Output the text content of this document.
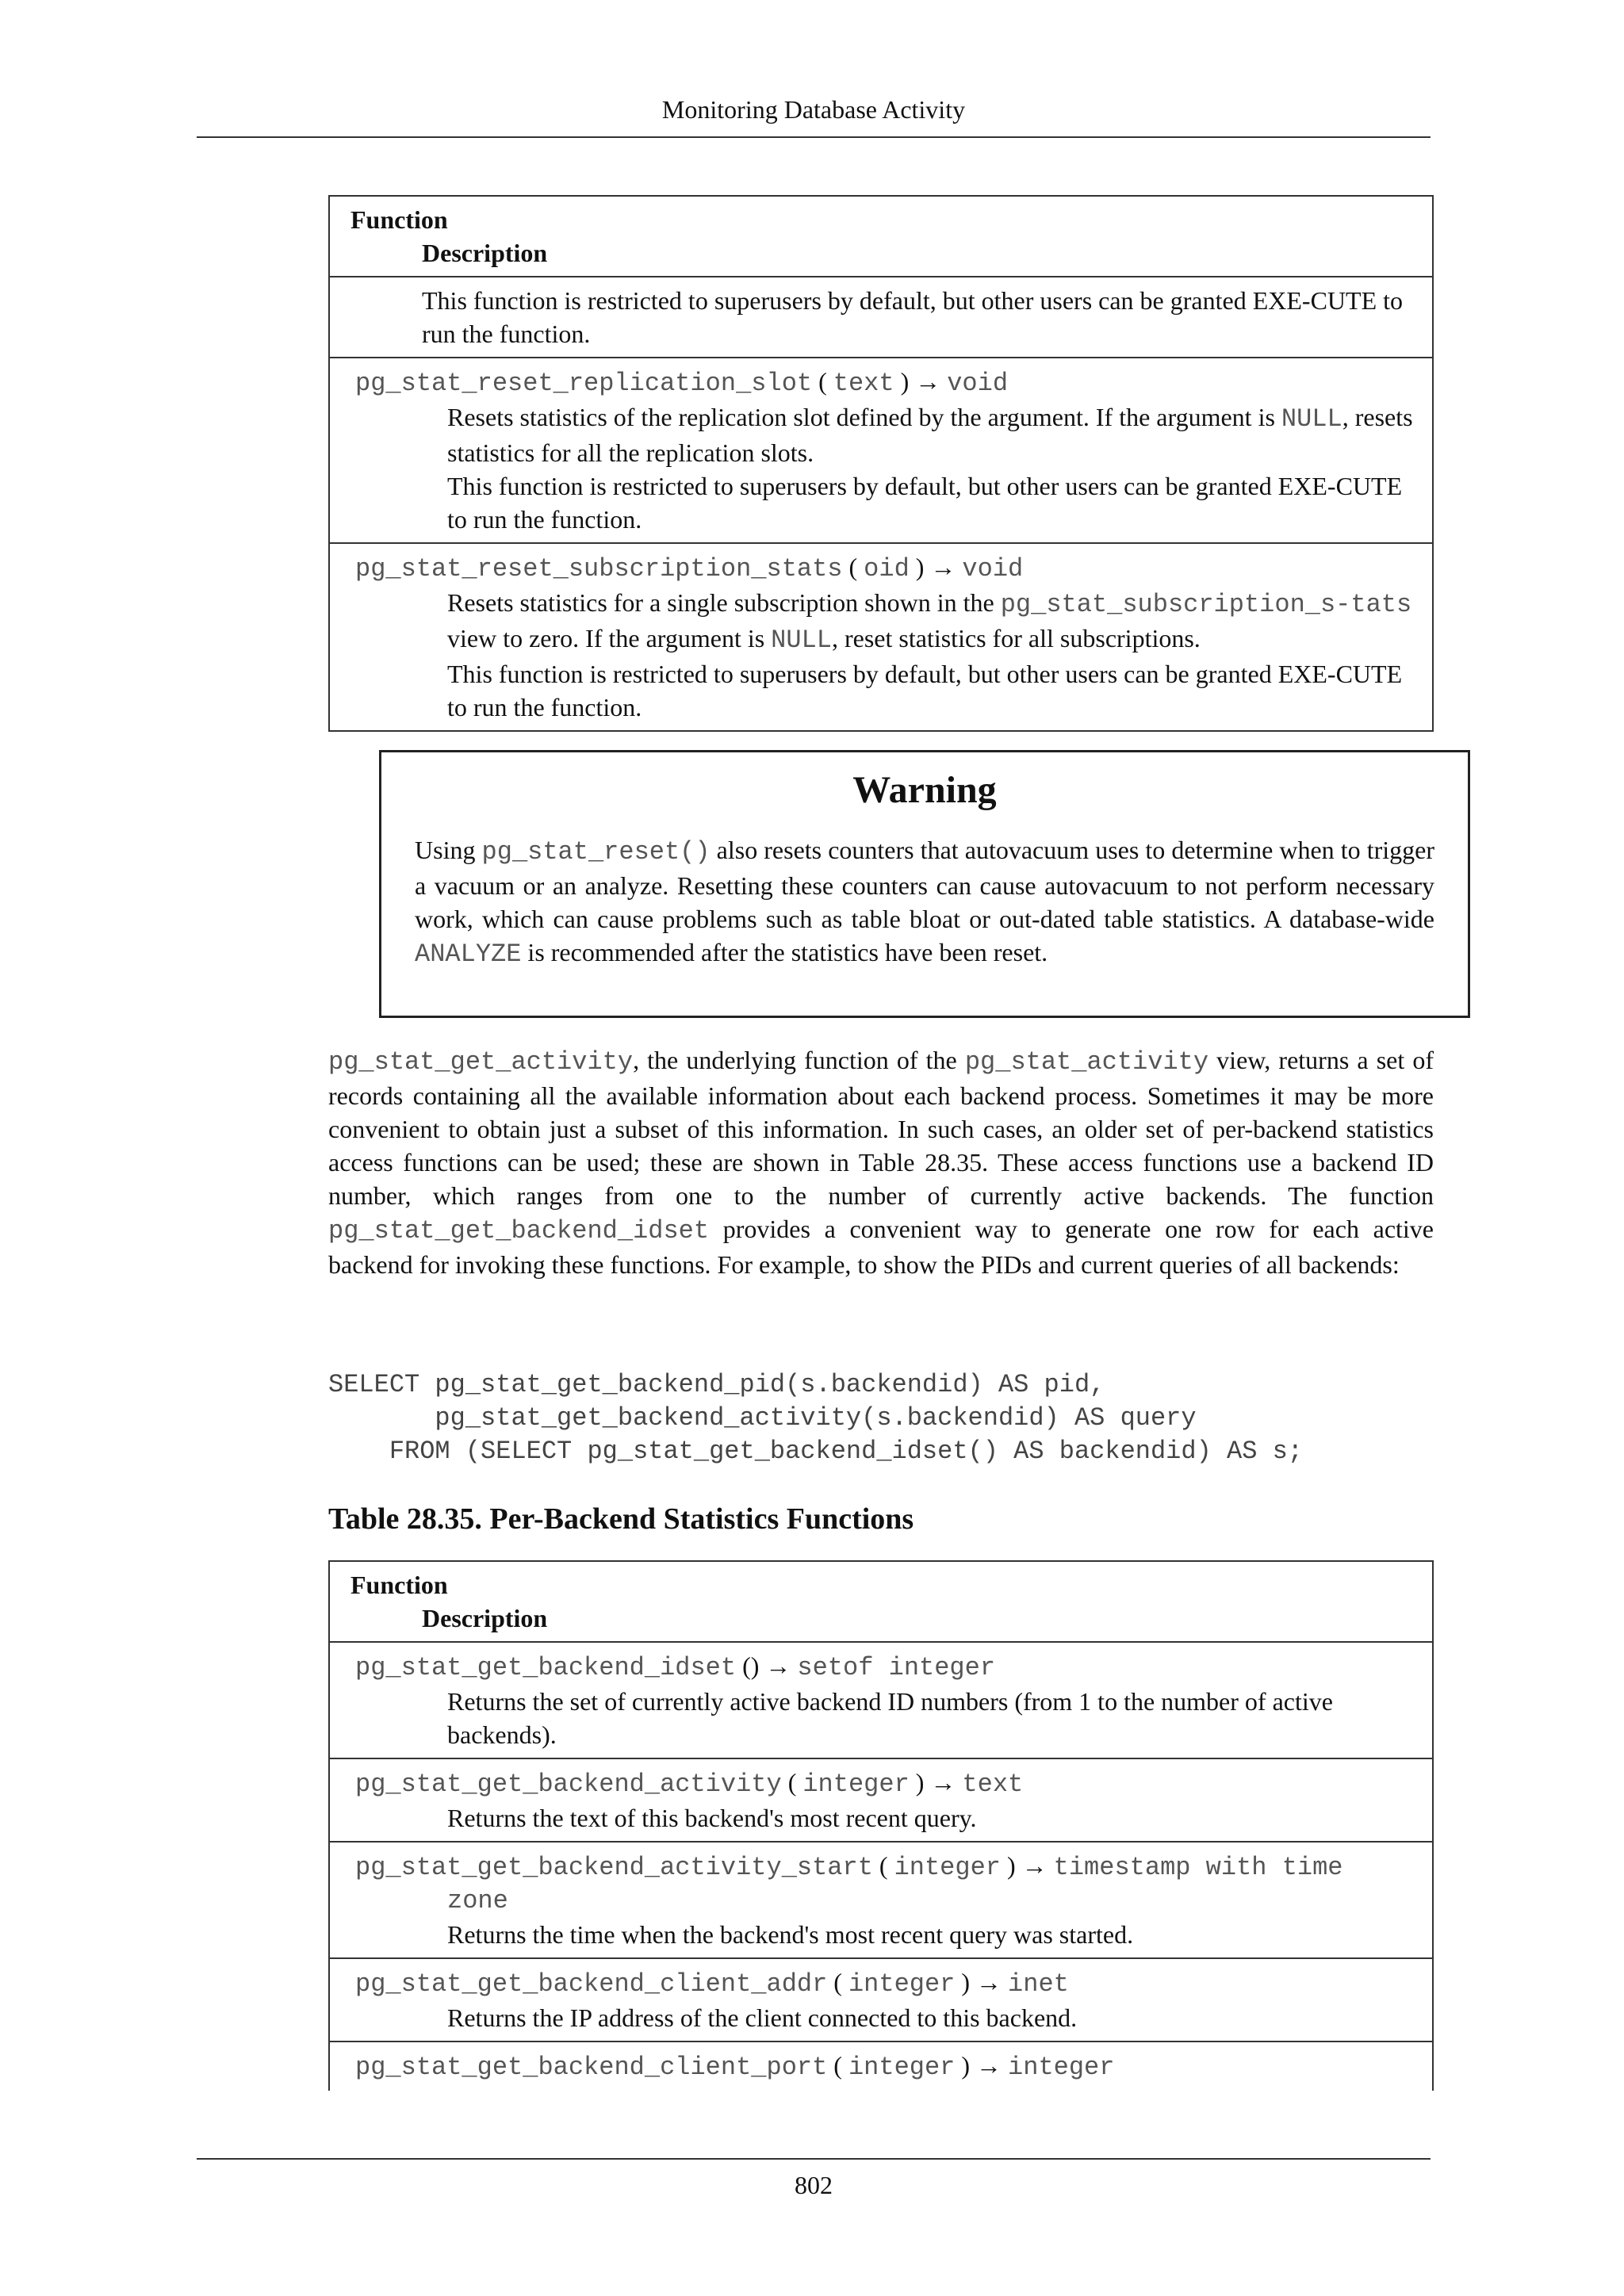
Monitoring Database Activity
Function
Description
This function is restricted to superusers by default, but other users can be granted EXE-CUTE to run the function.
pg_stat_reset_replication_slot ( text ) → void
Resets statistics of the replication slot defined by the argument. If the argument is NULL, resets statistics for all the replication slots.
This function is restricted to superusers by default, but other users can be granted EXE-CUTE to run the function.
pg_stat_reset_subscription_stats ( oid ) → void
Resets statistics for a single subscription shown in the pg_stat_subscription_s-tats view to zero. If the argument is NULL, reset statistics for all subscriptions.
This function is restricted to superusers by default, but other users can be granted EXE-CUTE to run the function.
Warning
Using pg_stat_reset() also resets counters that autovacuum uses to determine when to trigger a vacuum or an analyze. Resetting these counters can cause autovacuum to not perform necessary work, which can cause problems such as table bloat or out-dated table statistics. A database-wide ANALYZE is recommended after the statistics have been reset.
pg_stat_get_activity, the underlying function of the pg_stat_activity view, returns a set of records containing all the available information about each backend process. Sometimes it may be more convenient to obtain just a subset of this information. In such cases, an older set of per-backend statistics access functions can be used; these are shown in Table 28.35. These access functions use a backend ID number, which ranges from one to the number of currently active backends. The function pg_stat_get_backend_idset provides a convenient way to generate one row for each active backend for invoking these functions. For example, to show the PIDs and current queries of all backends:
SELECT pg_stat_get_backend_pid(s.backendid) AS pid,
pg_stat_get_backend_activity(s.backendid) AS query
FROM (SELECT pg_stat_get_backend_idset() AS backendid) AS s;
Table 28.35. Per-Backend Statistics Functions
Function
Description
pg_stat_get_backend_idset () → setof integer
Returns the set of currently active backend ID numbers (from 1 to the number of active backends).
pg_stat_get_backend_activity ( integer ) → text
Returns the text of this backend's most recent query.
pg_stat_get_backend_activity_start ( integer ) → timestamp with time
zone
Returns the time when the backend's most recent query was started.
pg_stat_get_backend_client_addr ( integer ) → inet
Returns the IP address of the client connected to this backend.
pg_stat_get_backend_client_port ( integer ) → integer
802
